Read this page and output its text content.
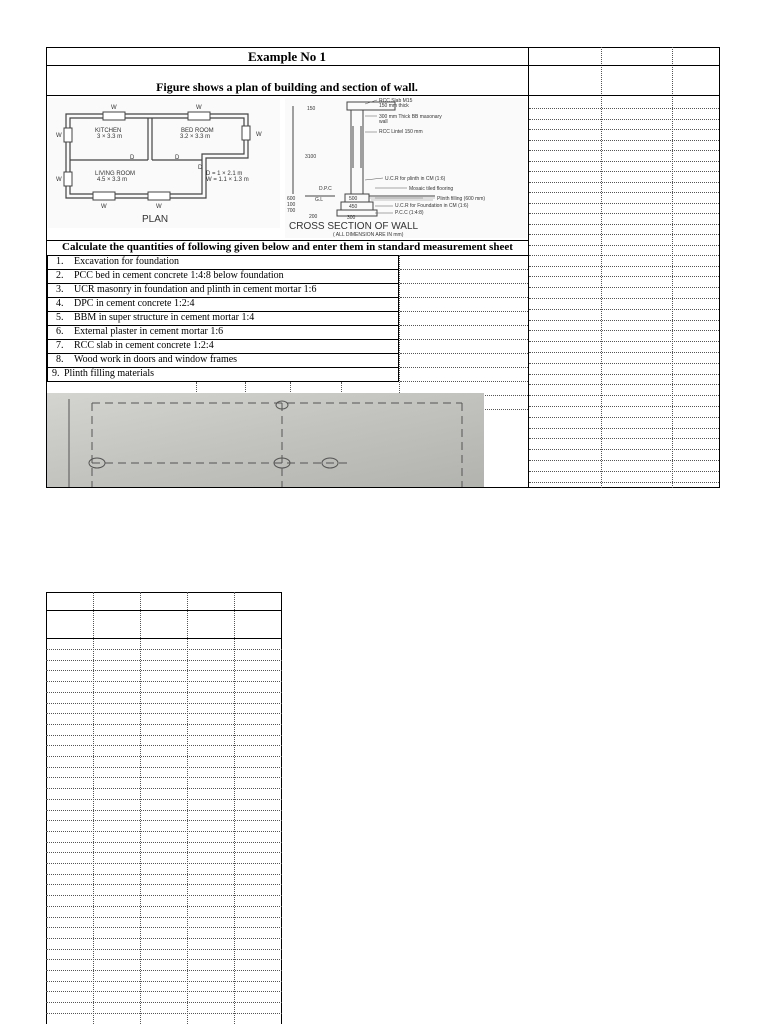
Example No 1
Figure shows a plan of building and section of wall.
W	W
W	W
W
W	W
D	D
D
KITCHEN
3 × 3.3 m
BED ROOM
3.2 × 3.3 m
LIVING ROOM
4.5 × 3.3 m
D = 1 × 2.1 m
W = 1.1 × 1.3 m
PLAN
RCC Slab M15
150 mm thick
300 mm Thick BB masonary
wall
RCC Lintel 150 mm
U.C.R for plinth in CM (1:6)
Mosaic tiled flooring
Plinth filling (600 mm)
U.C.R for Foundation in CM (1:6)
P.C.C (1:4:8)
D.P.C
G.L
150
3100
600
100
700
200
500
450
300
CROSS SECTION OF WALL
( ALL DIMENSION ARE IN mm)
Calculate the quantities of following given below and enter them in standard measurement sheet
1. Excavation for foundation
2. PCC bed in cement concrete 1:4:8 below foundation
3. UCR masonry in foundation and plinth in cement mortar 1:6
4. DPC in cement concrete 1:2:4
5. BBM in super structure in cement mortar 1:4
6. External plaster in cement mortar 1:6
7. RCC slab in cement concrete 1:2:4
8. Wood work in doors and window frames
9. Plinth filling materials
